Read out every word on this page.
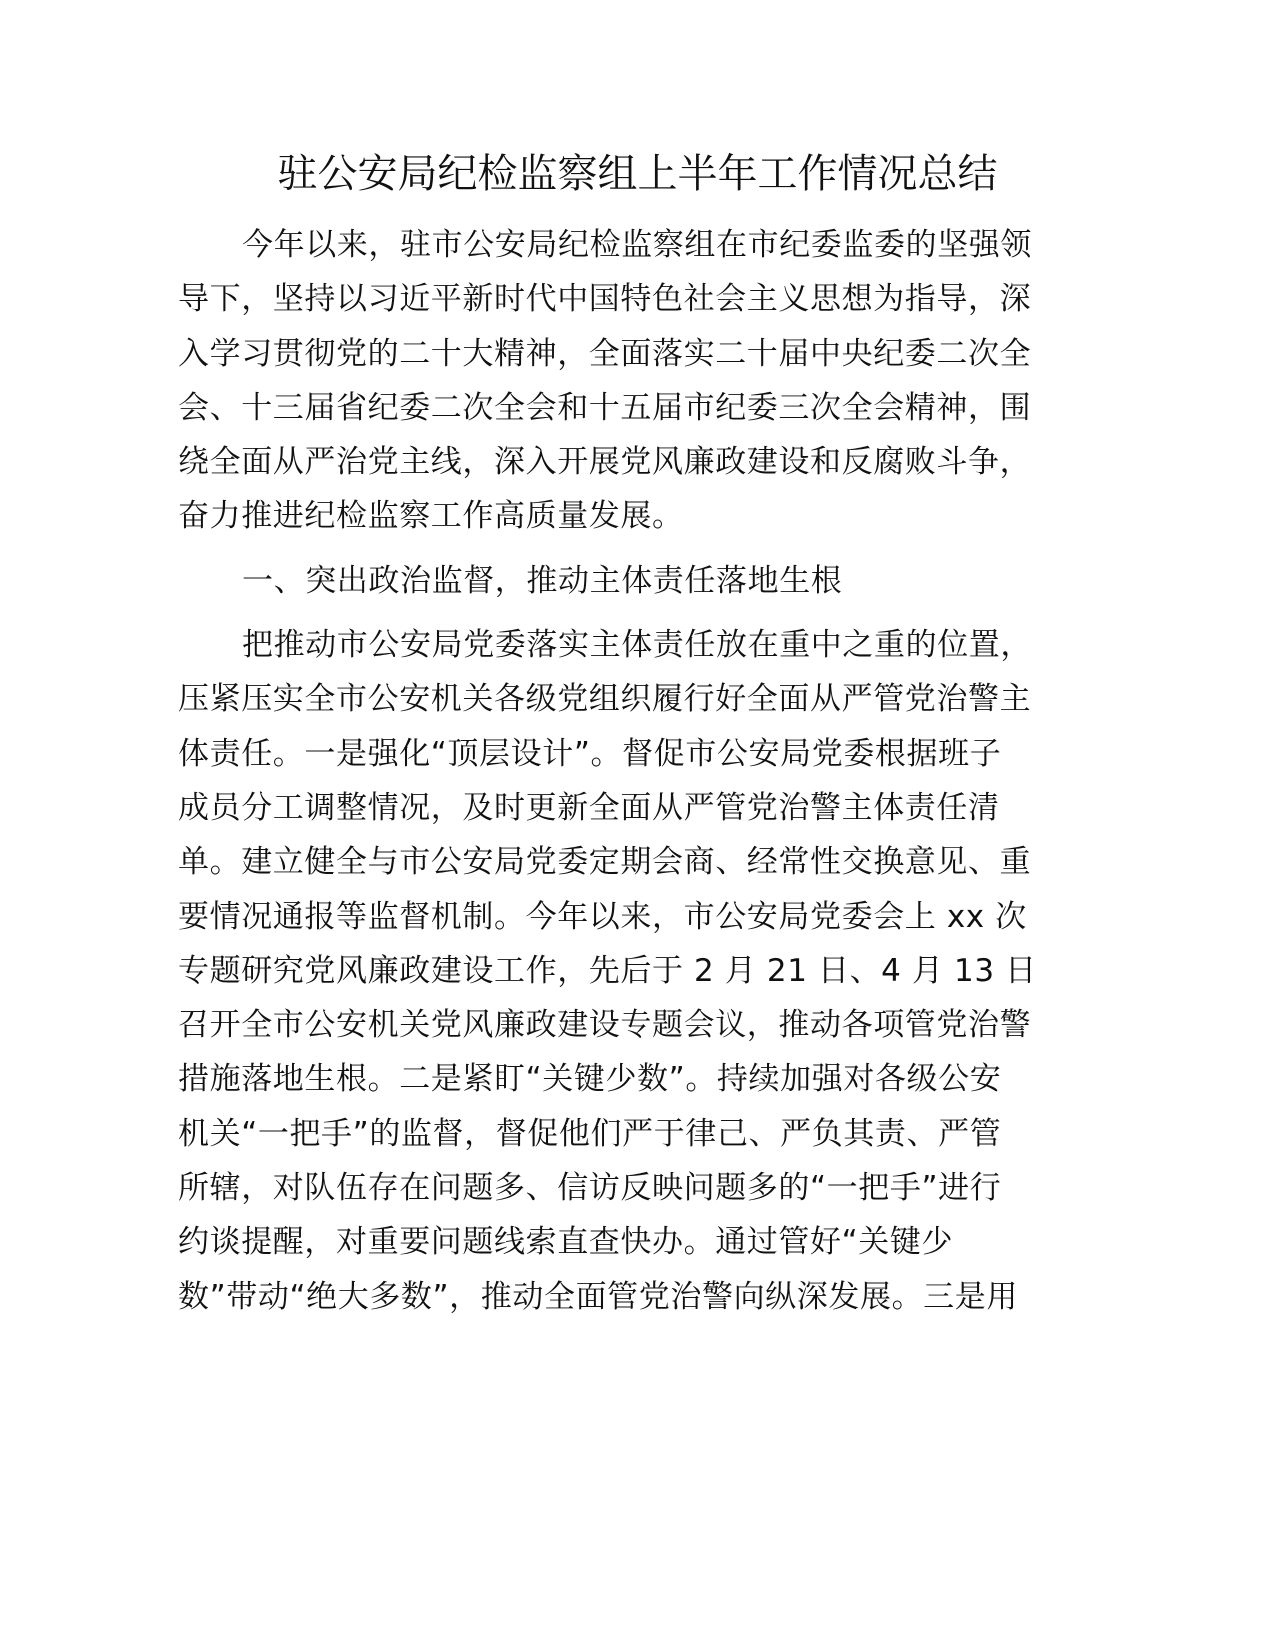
驻公安局纪检监察组上半年工作情况总结
今年以来，驻市公安局纪检监察组在市纪委监委的坚强领
导下，坚持以习近平新时代中国特色社会主义思想为指导，深
入学习贯彻党的二十大精神，全面落实二十届中央纪委二次全
会、十三届省纪委二次全会和十五届市纪委三次全会精神，围
绕全面从严治党主线，深入开展党风廉政建设和反腐败斗争，
奋力推进纪检监察工作高质量发展。
一、突出政治监督，推动主体责任落地生根
把推动市公安局党委落实主体责任放在重中之重的位置，
压紧压实全市公安机关各级党组织履行好全面从严管党治警主
体责任。一是强化“顶层设计”。督促市公安局党委根据班子
成员分工调整情况，及时更新全面从严管党治警主体责任清
单。建立健全与市公安局党委定期会商、经常性交换意见、重
要情况通报等监督机制。今年以来，市公安局党委会上 xx 次
专题研究党风廉政建设工作，先后于 2 月 21 日、4 月 13 日
召开全市公安机关党风廉政建设专题会议，推动各项管党治警
措施落地生根。二是紧盯“关键少数”。持续加强对各级公安
机关“一把手”的监督，督促他们严于律己、严负其责、严管
所辖，对队伍存在问题多、信访反映问题多的“一把手”进行
约谈提醒，对重要问题线索直查快办。通过管好“关键少
数”带动“绝大多数”，推动全面管党治警向纵深发展。三是用
